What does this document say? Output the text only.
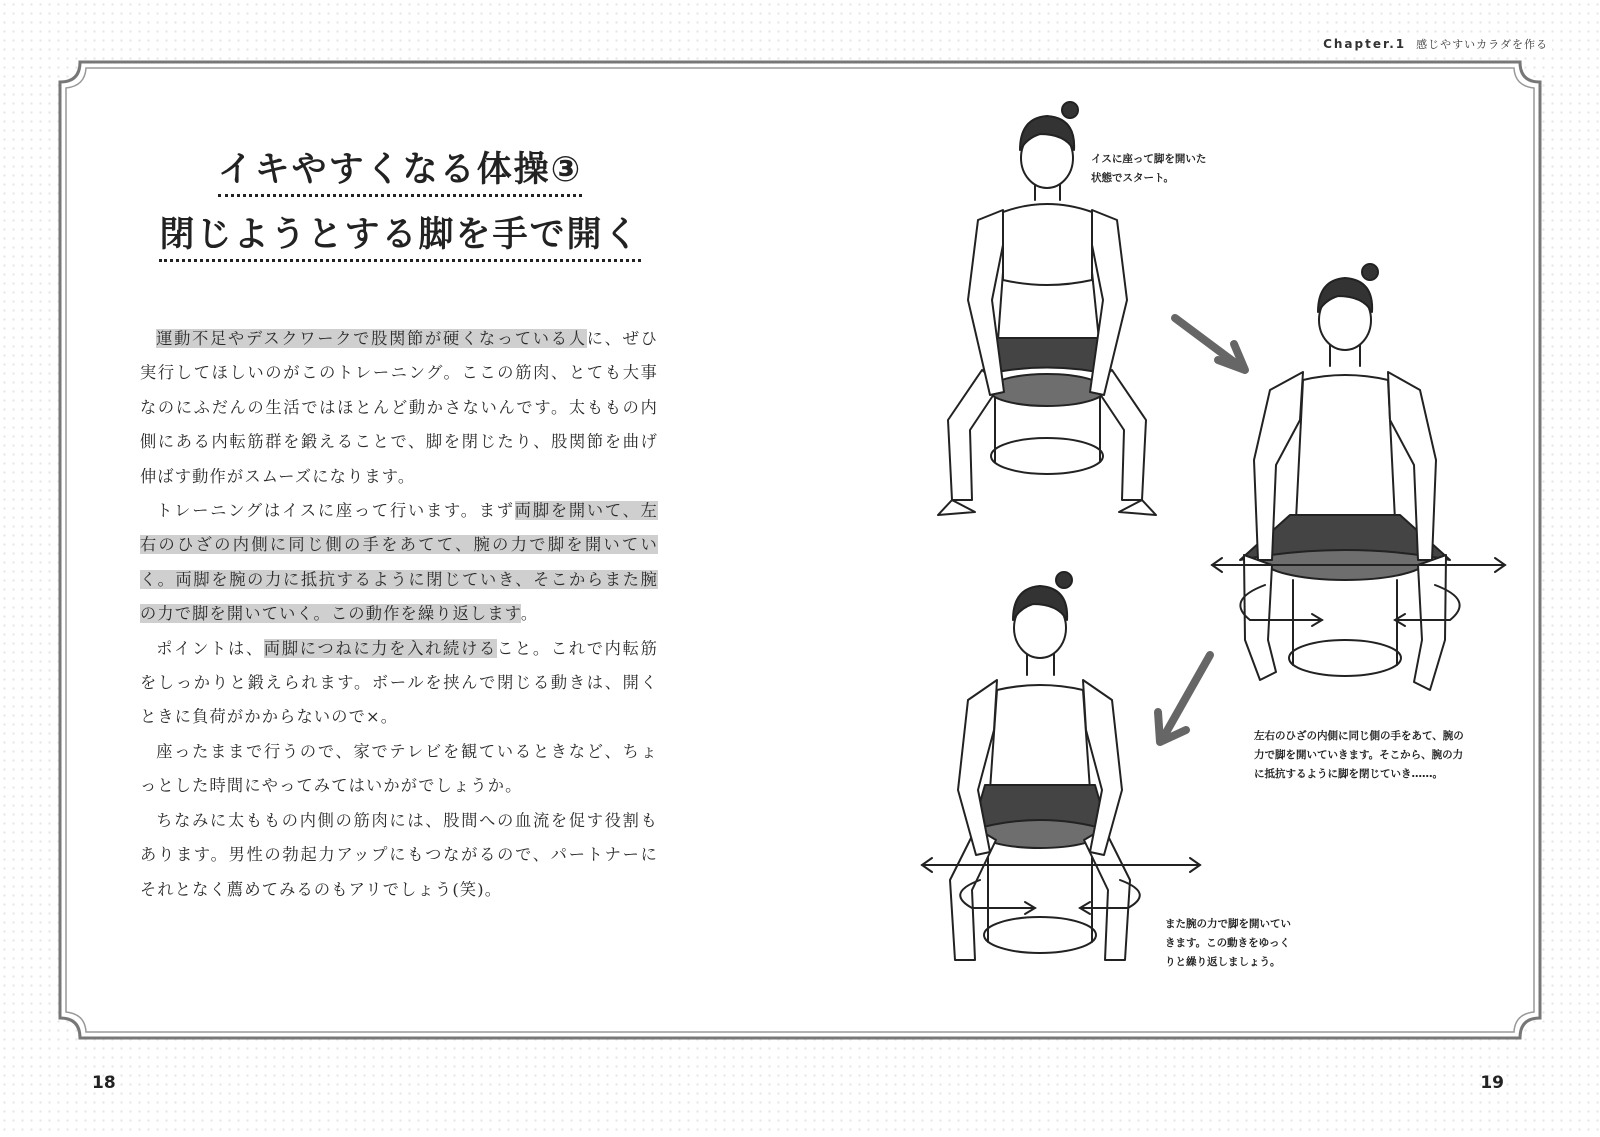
Chapter.1 感じやすいカラダを作る
イキやすくなる体操③
閉じようとする脚を手で開く

運動不足やデスクワークで股関節が硬くなっている人に、ぜひ実行してほしいのがこのトレーニング。ここの筋肉、とても大事なのにふだんの生活ではほとんど動かさないんです。太ももの内側にある内転筋群を鍛えることで、脚を閉じたり、股関節を曲げ伸ばす動作がスムーズになります。

トレーニングはイスに座って行います。まず両脚を開いて、左右のひざの内側に同じ側の手をあてて、腕の力で脚を開いていく。両脚を腕の力に抵抗するように閉じていき、そこからまた腕の力で脚を開いていく。この動作を繰り返します。

ポイントは、両脚につねに力を入れ続けること。これで内転筋をしっかりと鍛えられます。ボールを挟んで閉じる動きは、開くときに負荷がかからないので×。

座ったままで行うので、家でテレビを観ているときなど、ちょっとした時間にやってみてはいかがでしょうか。

ちなみに太ももの内側の筋肉には、股間への血流を促す役割もあります。男性の勃起力アップにもつながるので、パートナーにそれとなく薦めてみるのもアリでしょう(笑)。

イスに座って脚を開いた
状態でスタート。
左右のひざの内側に同じ側の手をあて、腕の
力で脚を開いていきます。そこから、腕の力
に抵抗するように脚を閉じていき……。
また腕の力で脚を開いてい
きます。この動きをゆっく
りと繰り返しましょう。
18	19
